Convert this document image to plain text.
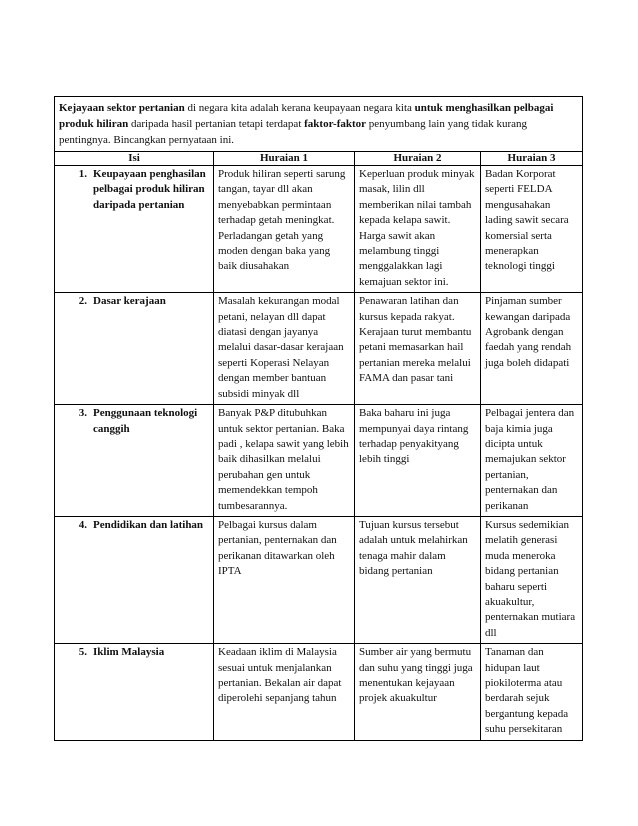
Kejayaan sektor pertanian di negara kita adalah kerana keupayaan negara kita untuk menghasilkan pelbagai produk hiliran daripada hasil pertanian tetapi terdapat faktor-faktor penyumbang lain yang tidak kurang pentingnya. Bincangkan pernyataan ini.			
Isi	Huraian 1	Huraian 2	Huraian 3

1. Keupayaan penghasilan pelbagai produk hiliran daripada pertanian	Produk hiliran seperti sarung tangan, tayar dll akan menyebabkan permintaan terhadap getah meningkat. Perladangan getah yang moden dengan baka yang baik diusahakan	Keperluan produk minyak masak, lilin dll memberikan nilai tambah kepada kelapa sawit. Harga sawit akan melambung tinggi menggalakkan lagi kemajuan sektor ini.	Badan Korporat seperti FELDA mengusahakan lading sawit secara komersial serta menerapkan teknologi tinggi

2. Dasar kerajaan	Masalah kekurangan modal petani, nelayan dll dapat diatasi dengan jayanya melalui dasar-dasar kerajaan seperti Koperasi Nelayan dengan member bantuan subsidi minyak dll	Penawaran latihan dan kursus kepada rakyat. Kerajaan turut membantu petani memasarkan hail pertanian mereka melalui FAMA dan pasar tani	Pinjaman sumber kewangan daripada Agrobank dengan faedah yang rendah juga boleh didapati

3. Penggunaan teknologi canggih	Banyak P&P ditubuhkan untuk sektor pertanian. Baka padi , kelapa sawit yang lebih baik dihasilkan melalui perubahan gen untuk memendekkan tempoh tumbesarannya.	Baka baharu ini juga mempunyai daya rintang terhadap penyakityang lebih tinggi	Pelbagai jentera dan baja kimia juga dicipta untuk memajukan sektor pertanian, penternakan dan perikanan

4. Pendidikan dan latihan	Pelbagai kursus dalam pertanian, penternakan dan perikanan ditawarkan oleh IPTA	Tujuan kursus tersebut adalah untuk melahirkan tenaga mahir dalam bidang pertanian	Kursus sedemikian melatih generasi muda meneroka bidang pertanian baharu seperti akuakultur, penternakan mutiara dll

5. Iklim Malaysia	Keadaan iklim di Malaysia sesuai untuk menjalankan pertanian. Bekalan air dapat diperolehi sepanjang tahun	Sumber air yang bermutu dan suhu yang tinggi juga menentukan kejayaan projek akuakultur	Tanaman dan hidupan laut piokiloterma atau berdarah sejuk bergantung kepada suhu persekitaran
